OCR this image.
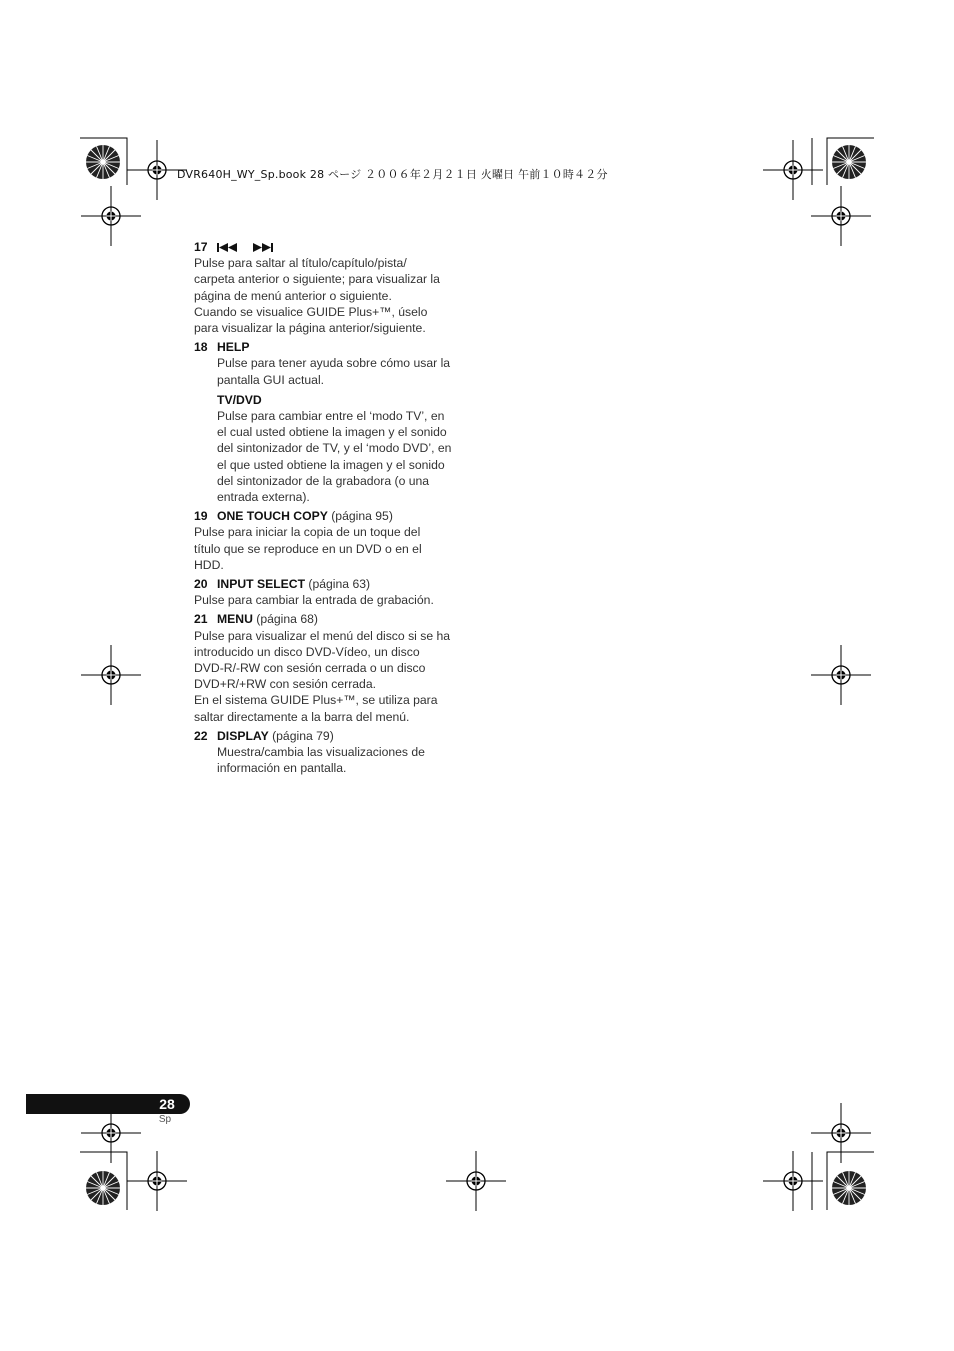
DVR640H_WY_Sp.book 28 ページ ２００６年２月２１日 火曜日 午前１０時４２分
17
Pulse para saltar al título/capítulo/pista/
carpeta anterior o siguiente; para visualizar la
página de menú anterior o siguiente.
Cuando se visualice GUIDE Plus+™, úselo
para visualizar la página anterior/siguiente.
18 HELP
Pulse para tener ayuda sobre cómo usar la
pantalla GUI actual.
TV/DVD
Pulse para cambiar entre el ‘modo TV’, en
el cual usted obtiene la imagen y el sonido
del sintonizador de TV, y el ‘modo DVD’, en
el que usted obtiene la imagen y el sonido
del sintonizador de la grabadora (o una
entrada externa).
19 ONE TOUCH COPY (página 95)
Pulse para iniciar la copia de un toque del
título que se reproduce en un DVD o en el
HDD.
20 INPUT SELECT (página 63)
Pulse para cambiar la entrada de grabación.
21 MENU (página 68)
Pulse para visualizar el menú del disco si se ha
introducido un disco DVD-Vídeo, un disco
DVD-R/-RW con sesión cerrada o un disco
DVD+R/+RW con sesión cerrada.
En el sistema GUIDE Plus+™, se utiliza para
saltar directamente a la barra del menú.
22 DISPLAY (página 79)
Muestra/cambia las visualizaciones de
información en pantalla.
28
Sp
